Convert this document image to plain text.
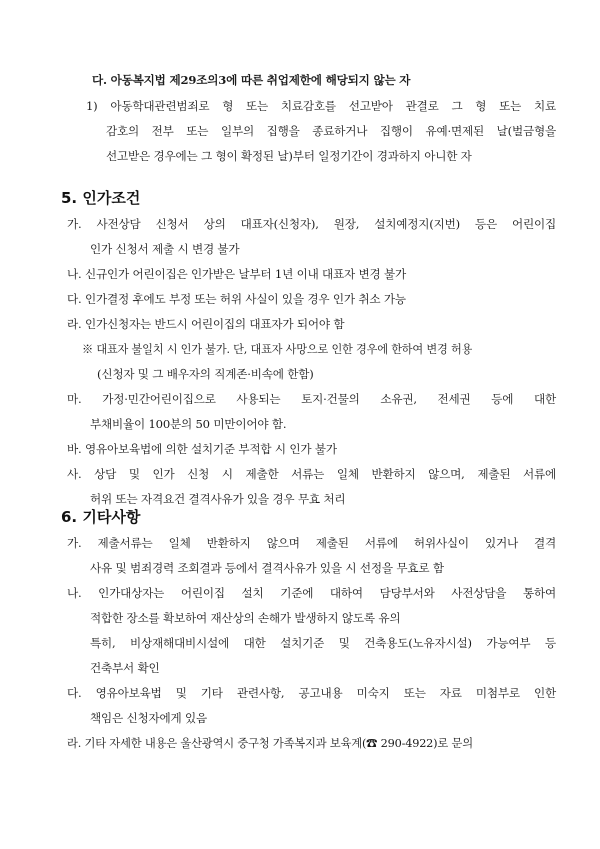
다. 아동복지법 제29조의3에 따른 취업제한에 해당되지 않는 자
1) 아동학대관련범죄로 형 또는 치료감호를 선고받아 관결로 그 형 또는 치료
감호의 전부 또는 일부의 집행을 종료하거나 집행이 유예·면제된 날(벌금형을
선고받은 경우에는 그 형이 확정된 날)부터 일정기간이 경과하지 아니한 자
5. 인가조건
가. 사전상담 신청서 상의 대표자(신청자), 원장, 설치예정지(지번) 등은 어린이집
인가 신청서 제출 시 변경 불가
나. 신규인가 어린이집은 인가받은 날부터 1년 이내 대표자 변경 불가
다. 인가결정 후에도 부정 또는 허위 사실이 있을 경우 인가 취소 가능
라. 인가신청자는 반드시 어린이집의 대표자가 되어야 함
※ 대표자 불일치 시 인가 불가. 단, 대표자 사망으로 인한 경우에 한하여 변경 허용
(신청자 및 그 배우자의 직계존·비속에 한함)
마. 가정·민간어린이집으로 사용되는 토지·건물의 소유권, 전세권 등에 대한
부채비율이 100분의 50 미만이어야 함.
바. 영유아보육법에 의한 설치기준 부적합 시 인가 불가
사. 상담 및 인가 신청 시 제출한 서류는 일체 반환하지 않으며, 제출된 서류에
허위 또는 자격요건 결격사유가 있을 경우 무효 처리
6. 기타사항
가. 제출서류는 일체 반환하지 않으며 제출된 서류에 허위사실이 있거나 결격
사유 및 범죄경력 조회결과 등에서 결격사유가 있을 시 선정을 무효로 함
나. 인가대상자는 어린이집 설치 기준에 대하여 담당부서와 사전상담을 통하여
적합한 장소를 확보하여 재산상의 손해가 발생하지 않도록 유의
특히, 비상재해대비시설에 대한 설치기준 및 건축용도(노유자시설) 가능여부 등
건축부서 확인
다. 영유아보육법 및 기타 관련사항, 공고내용 미숙지 또는 자료 미첨부로 인한
책임은 신청자에게 있음
라. 기타 자세한 내용은 울산광역시 중구청 가족복지과 보육계(☎ 290-4922)로 문의
